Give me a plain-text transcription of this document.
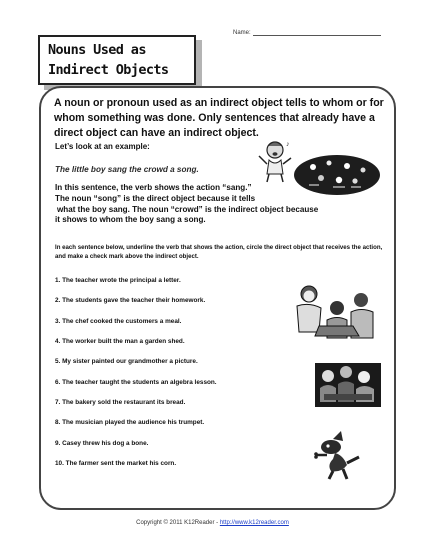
Name:
Nouns Used as
Indirect Objects
A noun or pronoun used as an indirect object tells to whom or for whom something was done. Only sentences that already have a direct object can have an indirect object.
Let’s look at an example:
The little boy sang the crowd a song.
In this sentence, the verb shows the action “sang.”
The noun “song” is the direct object because it tells
what the boy sang. The noun “crowd” is the indirect object because
it shows to whom the boy sang a song.
In each sentence below, underline the verb that shows the action, circle the direct object that receives the action, and make a check mark above the indirect object.
1. The teacher wrote the principal a letter.
2. The students gave the teacher their homework.
3. The chef cooked the customers a meal.
4. The worker built the man a garden shed.
5. My sister painted our grandmother a picture.
6. The teacher taught the students an algebra lesson.
7. The bakery sold the restaurant its bread.
8. The musician played the audience his trumpet.
9. Casey threw his dog a bone.
10. The farmer sent the market his corn.
♪
Copyright © 2011 K12Reader - http://www.k12reader.com
